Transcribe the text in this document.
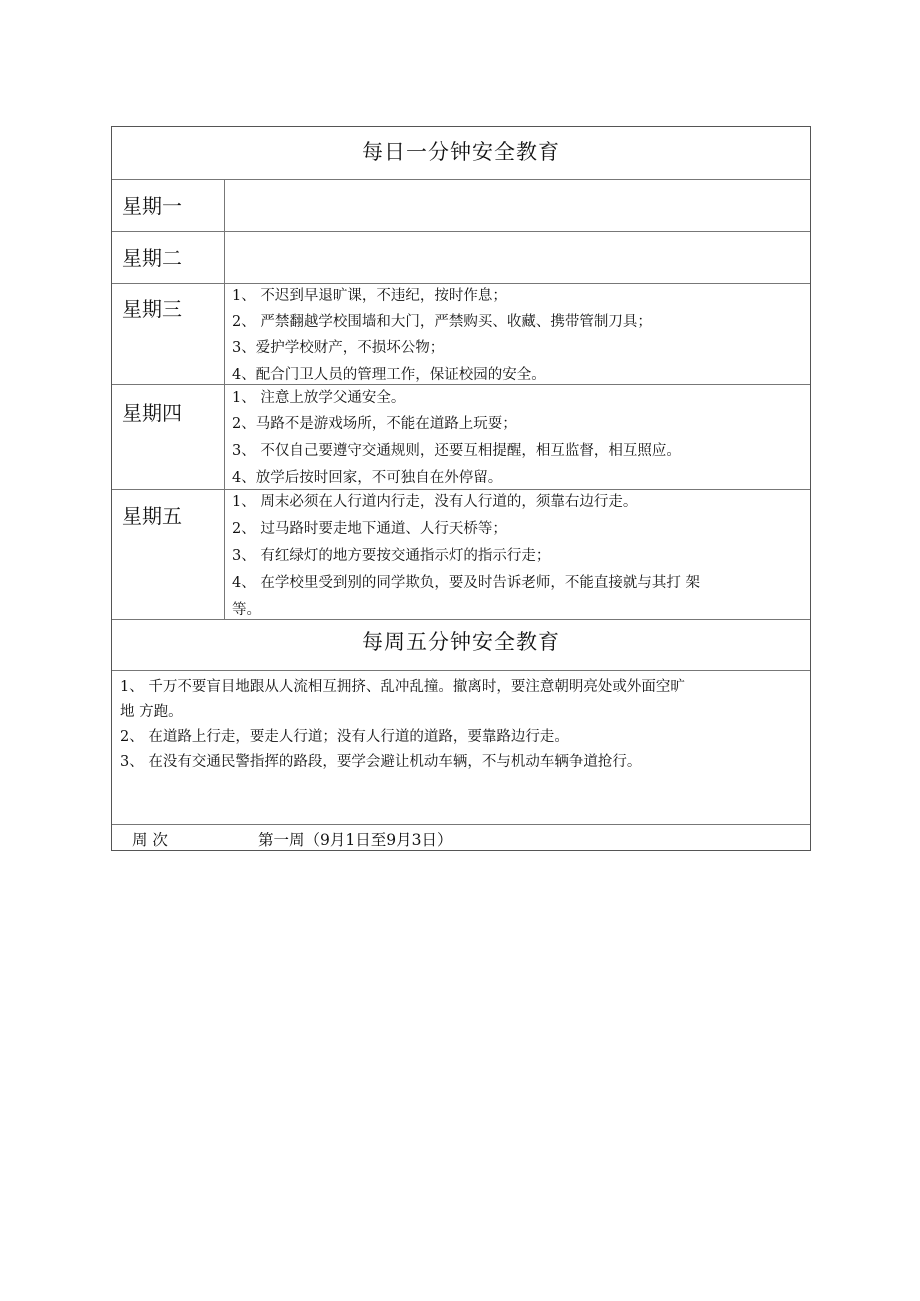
每日一分钟安全教育
星期一
星期二
星期三
星期四
星期五
1、 不迟到早退旷课，不违纪，按时作息；
2、 严禁翻越学校围墙和大门，严禁购买、收藏、携带管制刀具；
3、爱护学校财产，不损坏公物；
4、配合门卫人员的管理工作，保证校园的安全。
1、 注意上放学父通安全。
2、马路不是游戏场所，不能在道路上玩耍；
3、 不仅自己要遵守交通规则，还要互相提醒，相互监督，相互照应。
4、放学后按时回家，不可独自在外停留。
1、 周末必须在人行道内行走，没有人行道的，须靠右边行走。
2、 过马路时要走地下通道、人行天桥等；
3、 有红绿灯的地方要按交通指示灯的指示行走；
4、 在学校里受到别的同学欺负，要及时告诉老师，不能直接就与其打 架
等。
每周五分钟安全教育
1、 千万不要盲目地跟从人流相互拥挤、乱冲乱撞。撤离时，要注意朝明亮处或外面空旷
地 方跑。
2、 在道路上行走，要走人行道；没有人行道的道路，要靠路边行走。
3、 在没有交通民警指挥的路段，要学会避让机动车辆，不与机动车辆争道抢行。
周 次	第一周（9月1日至9月3日）
